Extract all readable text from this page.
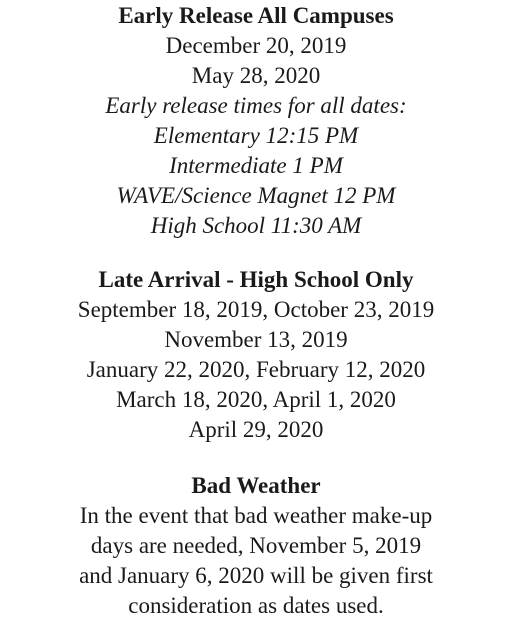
Early Release All Campuses
December 20, 2019
May 28, 2020
Early release times for all dates:
Elementary 12:15 PM
Intermediate 1 PM
WAVE/Science Magnet 12 PM
High School 11:30 AM
Late Arrival - High School Only
September 18, 2019, October 23, 2019
November 13, 2019
January 22, 2020, February 12, 2020
March 18, 2020, April 1, 2020
April 29, 2020
Bad Weather
In the event that bad weather make-up
days are needed, November 5, 2019
and January 6, 2020 will be given first
consideration as dates used.
